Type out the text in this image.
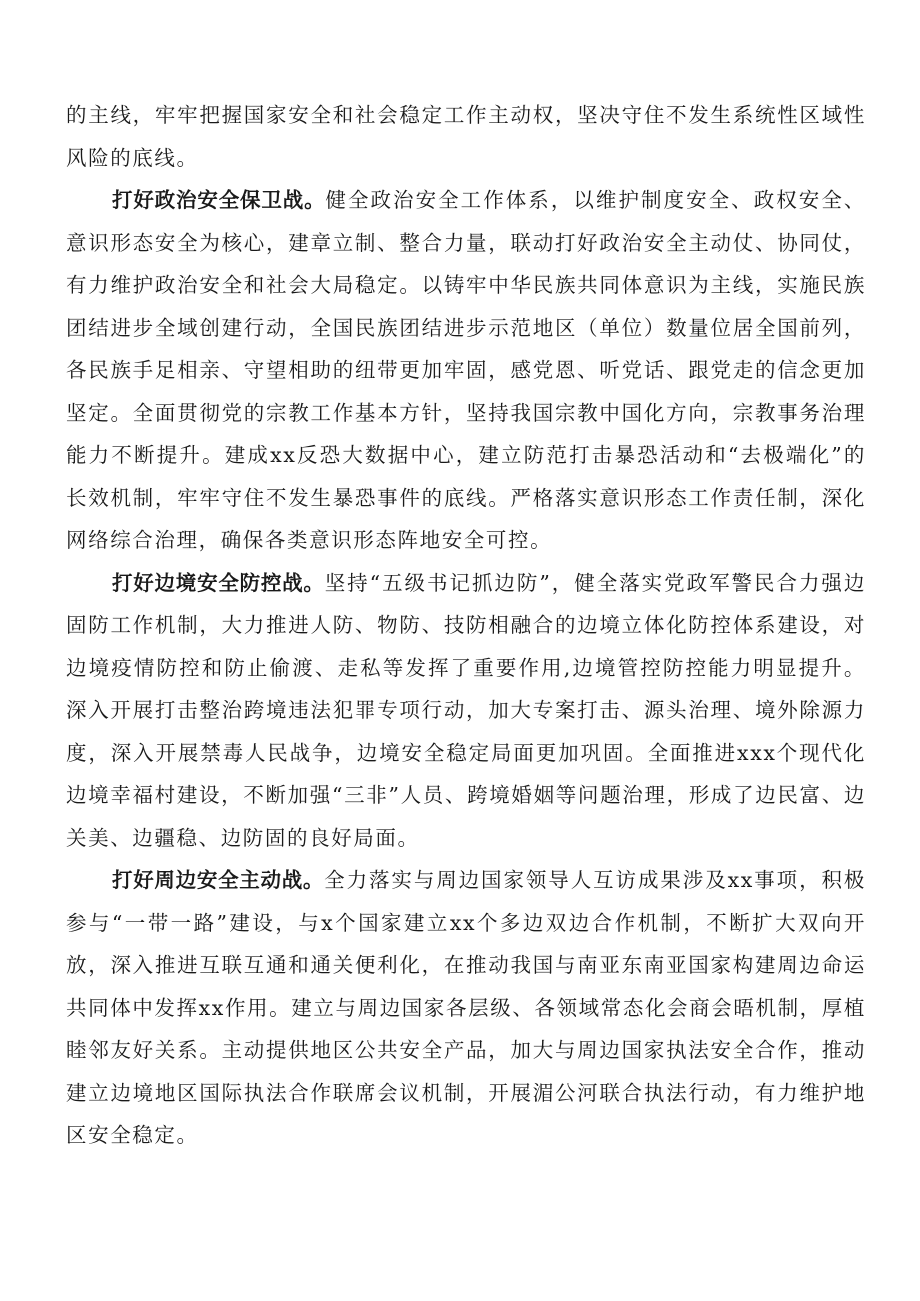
的主线，牢牢把握国家安全和社会稳定工作主动权，坚决守住不发生系统性区域性风险的底线。

打好政治安全保卫战。健全政治安全工作体系，以维护制度安全、政权安全、意识形态安全为核心，建章立制、整合力量，联动打好政治安全主动仗、协同仗，有力维护政治安全和社会大局稳定。以铸牢中华民族共同体意识为主线，实施民族团结进步全域创建行动，全国民族团结进步示范地区（单位）数量位居全国前列，各民族手足相亲、守望相助的纽带更加牢固，感党恩、听党话、跟党走的信念更加坚定。全面贯彻党的宗教工作基本方针，坚持我国宗教中国化方向，宗教事务治理能力不断提升。建成xx反恐大数据中心，建立防范打击暴恐活动和“去极端化”的长效机制，牢牢守住不发生暴恐事件的底线。严格落实意识形态工作责任制，深化网络综合治理，确保各类意识形态阵地安全可控。

打好边境安全防控战。坚持“五级书记抓边防”，健全落实党政军警民合力强边固防工作机制，大力推进人防、物防、技防相融合的边境立体化防控体系建设，对边境疫情防控和防止偷渡、走私等发挥了重要作用,边境管控防控能力明显提升。深入开展打击整治跨境违法犯罪专项行动，加大专案打击、源头治理、境外除源力度，深入开展禁毒人民战争，边境安全稳定局面更加巩固。全面推进xxx个现代化边境幸福村建设，不断加强“三非”人员、跨境婚姻等问题治理，形成了边民富、边关美、边疆稳、边防固的良好局面。

打好周边安全主动战。全力落实与周边国家领导人互访成果涉及xx事项，积极参与“一带一路”建设，与x个国家建立xx个多边双边合作机制，不断扩大双向开放，深入推进互联互通和通关便利化，在推动我国与南亚东南亚国家构建周边命运共同体中发挥xx作用。建立与周边国家各层级、各领域常态化会商会晤机制，厚植睦邻友好关系。主动提供地区公共安全产品，加大与周边国家执法安全合作，推动建立边境地区国际执法合作联席会议机制，开展湄公河联合执法行动，有力维护地区安全稳定。
